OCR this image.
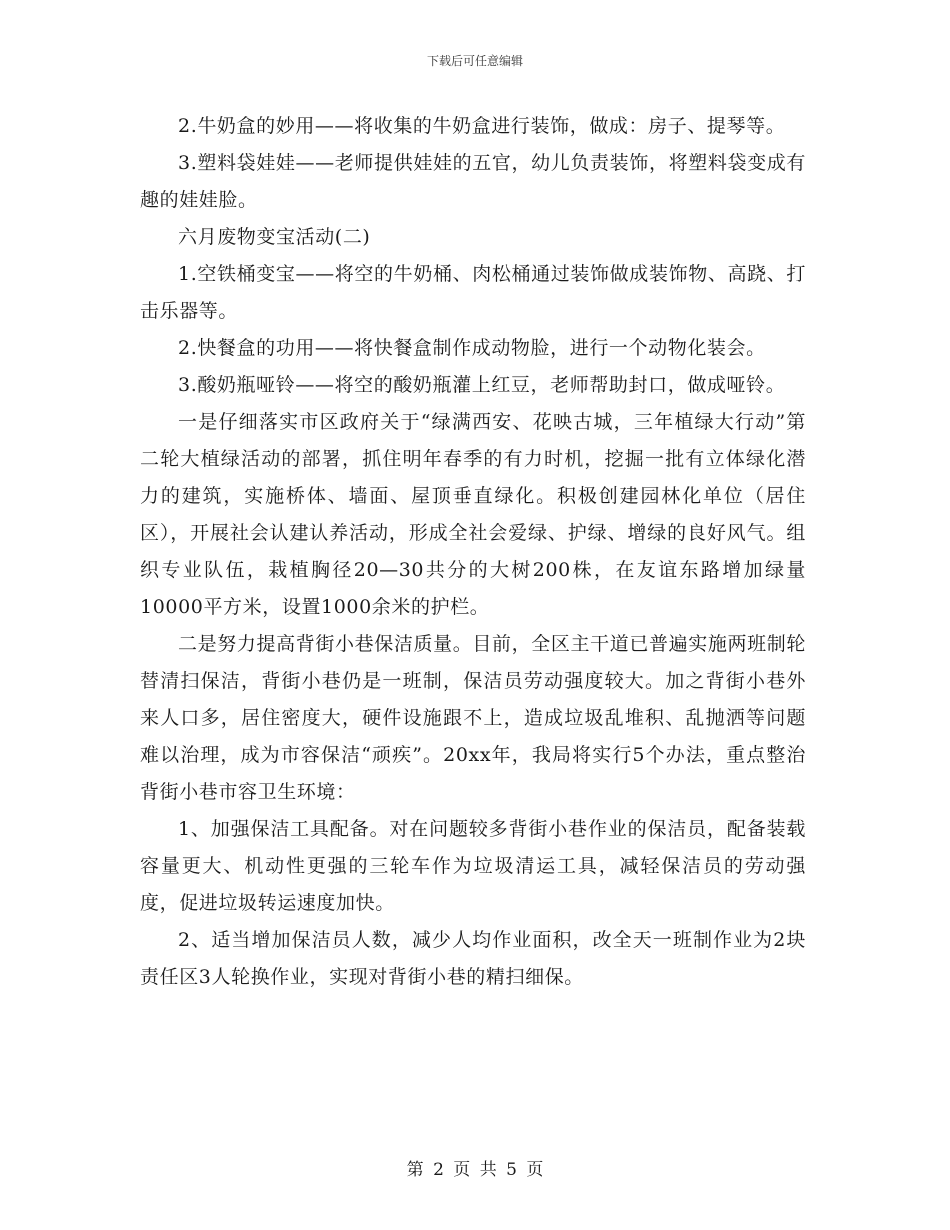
下载后可任意编辑

2.牛奶盒的妙用——将收集的牛奶盒进行装饰，做成：房子、提琴等。

3.塑料袋娃娃——老师提供娃娃的五官，幼儿负责装饰，将塑料袋变成有趣的娃娃脸。

六月废物变宝活动(二)

1.空铁桶变宝——将空的牛奶桶、肉松桶通过装饰做成装饰物、高跷、打击乐器等。

2.快餐盒的功用——将快餐盒制作成动物脸，进行一个动物化装会。

3.酸奶瓶哑铃——将空的酸奶瓶灌上红豆，老师帮助封口，做成哑铃。

一是仔细落实市区政府关于“绿满西安、花映古城，三年植绿大行动”第二轮大植绿活动的部署，抓住明年春季的有力时机，挖掘一批有立体绿化潜力的建筑，实施桥体、墙面、屋顶垂直绿化。积极创建园林化单位（居住区），开展社会认建认养活动，形成全社会爱绿、护绿、增绿的良好风气。组织专业队伍，栽植胸径20—30共分的大树200株，在友谊东路增加绿量10000平方米，设置1000余米的护栏。

二是努力提高背街小巷保洁质量。目前，全区主干道已普遍实施两班制轮替清扫保洁，背街小巷仍是一班制，保洁员劳动强度较大。加之背街小巷外来人口多，居住密度大，硬件设施跟不上，造成垃圾乱堆积、乱抛洒等问题难以治理，成为市容保洁“顽疾”。20xx年，我局将实行5个办法，重点整治背街小巷市容卫生环境：

1、加强保洁工具配备。对在问题较多背街小巷作业的保洁员，配备装载容量更大、机动性更强的三轮车作为垃圾清运工具，减轻保洁员的劳动强度，促进垃圾转运速度加快。

2、适当增加保洁员人数，减少人均作业面积，改全天一班制作业为2块责任区3人轮换作业，实现对背街小巷的精扫细保。

第 2 页 共 5 页
